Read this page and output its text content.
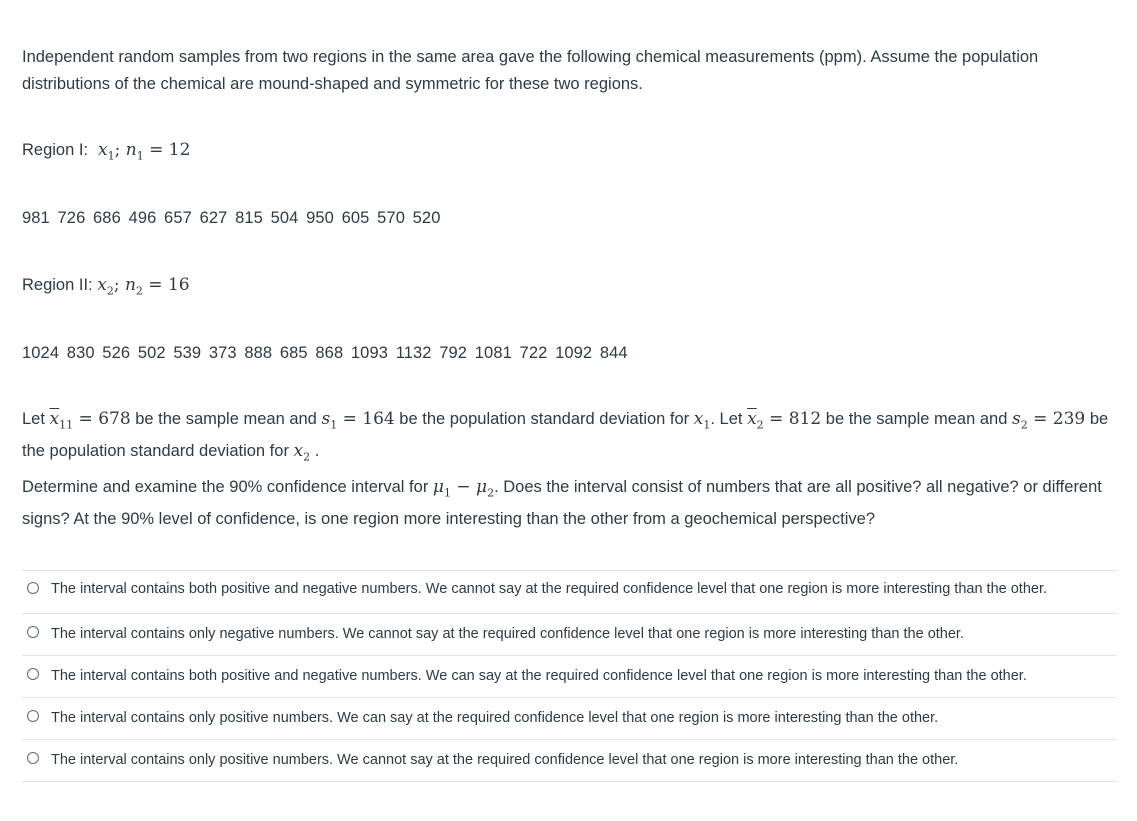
Independent random samples from two regions in the same area gave the following chemical measurements (ppm). Assume the population distributions of the chemical are mound-shaped and symmetric for these two regions.

Region I: $x_1$; $n_1 = 12$

981 726 686 496 657 627 815 504 950 605 570 520

Region II: $x_2$; $n_2 = 16$

1024 830 526 502 539 373 888 685 868 1093 1132 792 1081 722 1092 844

Let $\overline{x}_{11} = 678$ be the sample mean and $s_1 = 164$ be the population standard deviation for $x_1$. Let $\overline{x}_2 = 812$ be the sample mean and $s_2 = 239$ be the population standard deviation for $x_2$ .

Determine and examine the 90% confidence interval for $\mu_1 - \mu_2$. Does the interval consist of numbers that are all positive? all negative? or different signs? At the 90% level of confidence, is one region more interesting than the other from a geochemical perspective?

The interval contains both positive and negative numbers. We cannot say at the required confidence level that one region is more interesting than the other.
The interval contains only negative numbers. We cannot say at the required confidence level that one region is more interesting than the other.
The interval contains both positive and negative numbers. We can say at the required confidence level that one region is more interesting than the other.
The interval contains only positive numbers. We can say at the required confidence level that one region is more interesting than the other.
The interval contains only positive numbers. We cannot say at the required confidence level that one region is more interesting than the other.
